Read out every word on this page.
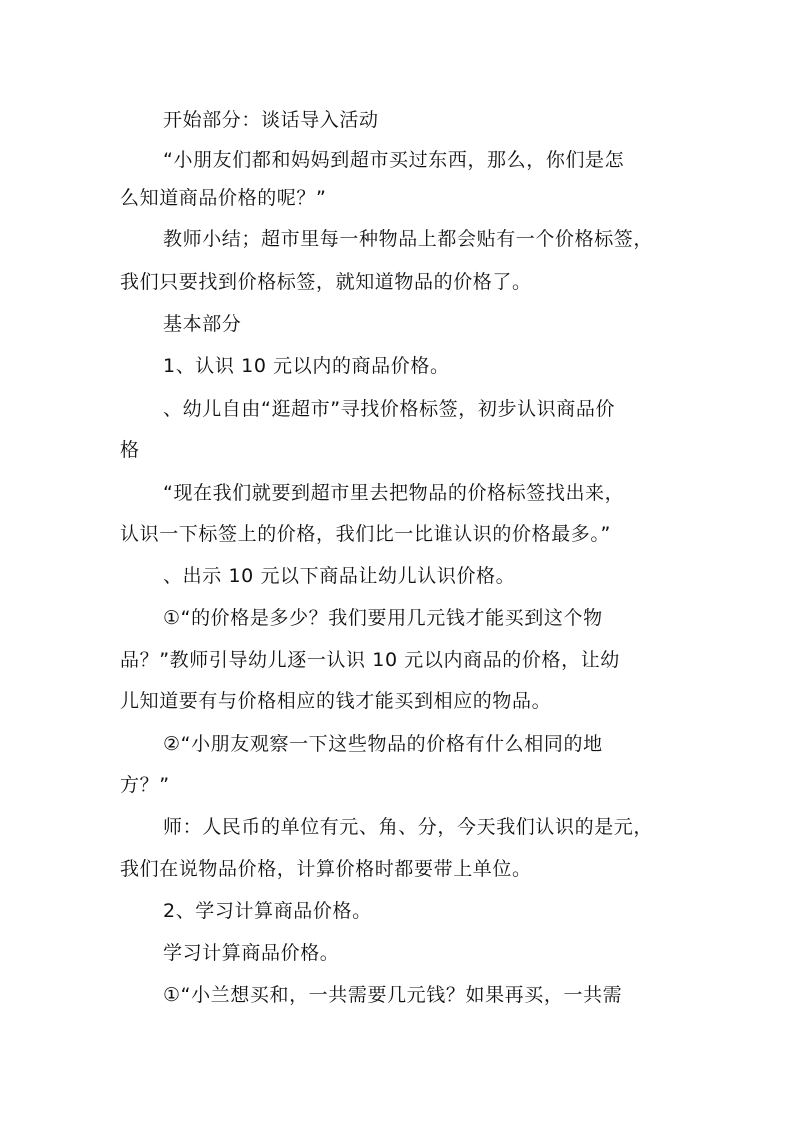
开始部分：谈话导入活动
“小朋友们都和妈妈到超市买过东西，那么，你们是怎
么知道商品价格的呢？”
教师小结；超市里每一种物品上都会贴有一个价格标签，
我们只要找到价格标签，就知道物品的价格了。
基本部分
1、认识 10 元以内的商品价格。
、幼儿自由“逛超市”寻找价格标签，初步认识商品价
格
“现在我们就要到超市里去把物品的价格标签找出来，
认识一下标签上的价格，我们比一比谁认识的价格最多。”
、出示 10 元以下商品让幼儿认识价格。
①“的价格是多少？我们要用几元钱才能买到这个物
品？”教师引导幼儿逐一认识 10 元以内商品的价格，让幼
儿知道要有与价格相应的钱才能买到相应的物品。
②“小朋友观察一下这些物品的价格有什么相同的地
方？”
师：人民币的单位有元、角、分，今天我们认识的是元，
我们在说物品价格，计算价格时都要带上单位。
2、学习计算商品价格。
学习计算商品价格。
①“小兰想买和，一共需要几元钱？如果再买，一共需
